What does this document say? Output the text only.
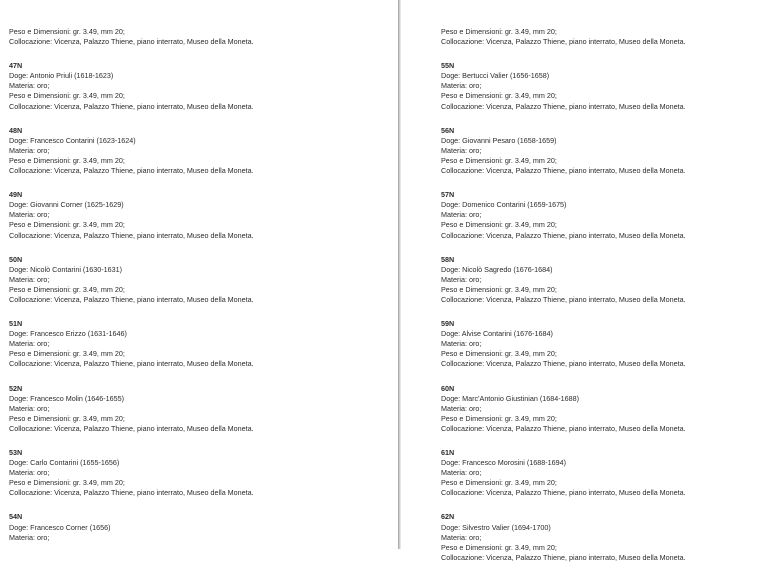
Peso e Dimensioni: gr. 3.49, mm 20;
Collocazione: Vicenza, Palazzo Thiene, piano interrato, Museo della Moneta.
47N
Doge: Antonio Priuli (1618-1623)
Materia: oro;
Peso e Dimensioni: gr. 3.49, mm 20;
Collocazione: Vicenza, Palazzo Thiene, piano interrato, Museo della Moneta.
48N
Doge: Francesco Contarini (1623-1624)
Materia: oro;
Peso e Dimensioni: gr. 3.49, mm 20;
Collocazione: Vicenza, Palazzo Thiene, piano interrato, Museo della Moneta.
49N
Doge: Giovanni Corner (1625-1629)
Materia: oro;
Peso e Dimensioni: gr. 3.49, mm 20;
Collocazione: Vicenza, Palazzo Thiene, piano interrato, Museo della Moneta.
50N
Doge: Nicolò Contarini (1630-1631)
Materia: oro;
Peso e Dimensioni: gr. 3.49, mm 20;
Collocazione: Vicenza, Palazzo Thiene, piano interrato, Museo della Moneta.
51N
Doge: Francesco Erizzo (1631-1646)
Materia: oro;
Peso e Dimensioni: gr. 3.49, mm 20;
Collocazione: Vicenza, Palazzo Thiene, piano interrato, Museo della Moneta.
52N
Doge: Francesco Molin (1646-1655)
Materia: oro;
Peso e Dimensioni: gr. 3.49, mm 20;
Collocazione: Vicenza, Palazzo Thiene, piano interrato, Museo della Moneta.
53N
Doge: Carlo Contarini (1655-1656)
Materia: oro;
Peso e Dimensioni: gr. 3.49, mm 20;
Collocazione: Vicenza, Palazzo Thiene, piano interrato, Museo della Moneta.
54N
Doge: Francesco Corner (1656)
Materia: oro;
Peso e Dimensioni: gr. 3.49, mm 20;
Collocazione: Vicenza, Palazzo Thiene, piano interrato, Museo della Moneta.
55N
Doge: Bertucci Valier (1656-1658)
Materia: oro;
Peso e Dimensioni: gr. 3.49, mm 20;
Collocazione: Vicenza, Palazzo Thiene, piano interrato, Museo della Moneta.
56N
Doge: Giovanni Pesaro (1658-1659)
Materia: oro;
Peso e Dimensioni: gr. 3.49, mm 20;
Collocazione: Vicenza, Palazzo Thiene, piano interrato, Museo della Moneta.
57N
Doge: Domenico Contarini (1659-1675)
Materia: oro;
Peso e Dimensioni: gr. 3.49, mm 20;
Collocazione: Vicenza, Palazzo Thiene, piano interrato, Museo della Moneta.
58N
Doge: Nicolò Sagredo (1676-1684)
Materia: oro;
Peso e Dimensioni: gr. 3.49, mm 20;
Collocazione: Vicenza, Palazzo Thiene, piano interrato, Museo della Moneta.
59N
Doge: Alvise Contarini (1676-1684)
Materia: oro;
Peso e Dimensioni: gr. 3.49, mm 20;
Collocazione: Vicenza, Palazzo Thiene, piano interrato, Museo della Moneta.
60N
Doge: Marc'Antonio Giustinian (1684-1688)
Materia: oro;
Peso e Dimensioni: gr. 3.49, mm 20;
Collocazione: Vicenza, Palazzo Thiene, piano interrato, Museo della Moneta.
61N
Doge: Francesco Morosini (1688-1694)
Materia: oro;
Peso e Dimensioni: gr. 3.49, mm 20;
Collocazione: Vicenza, Palazzo Thiene, piano interrato, Museo della Moneta.
62N
Doge: Silvestro Valier (1694-1700)
Materia: oro;
Peso e Dimensioni: gr. 3.49, mm 20;
Collocazione: Vicenza, Palazzo Thiene, piano interrato, Museo della Moneta.
